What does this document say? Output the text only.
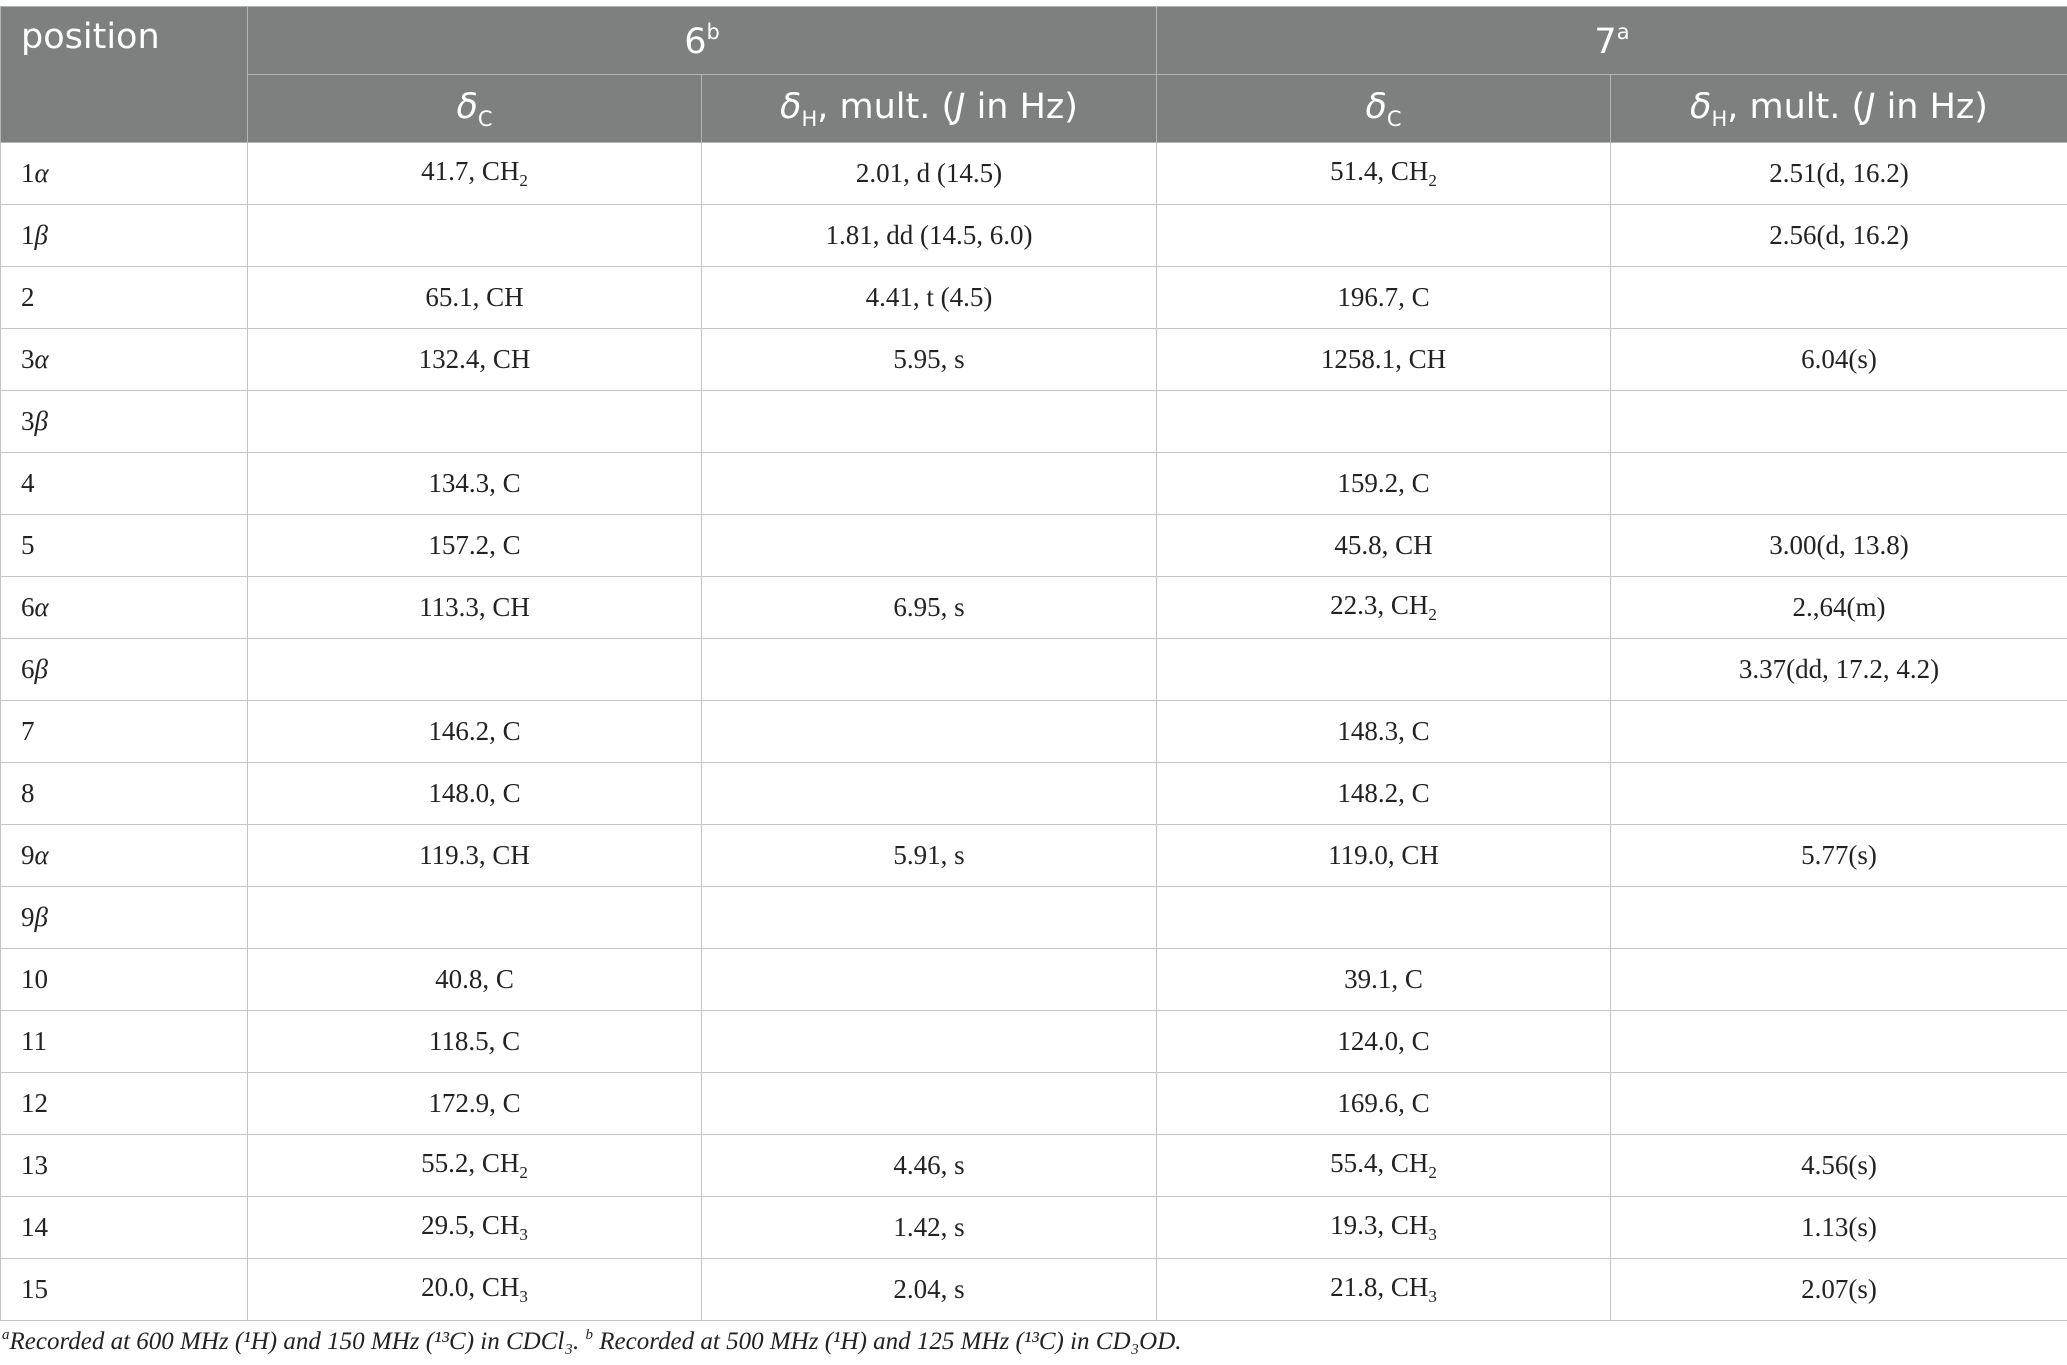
position	6$^b$		7$^a$
	$\delta_C$	$\delta_H$, mult. (J in Hz)	$\delta_C$	$\delta_H$, mult. (J in Hz)
1α	41.7, $CH_2$	2.01, d (14.5)	51.4, $CH_2$	2.51(d, 16.2)
1β		1.81, dd (14.5, 6.0)		2.56(d, 16.2)
2	65.1, CH	4.41, t (4.5)	196.7, C	
3α	132.4, CH	5.95, s	1258.1, CH	6.04(s)
3β				
4	134.3, C		159.2, C	
5	157.2, C		45.8, CH	3.00(d, 13.8)
6α	113.3, CH	6.95, s	22.3, $CH_2$	2.,64(m)
6β				3.37(dd, 17.2, 4.2)
7	146.2, C		148.3, C	
8	148.0, C		148.2, C	
9α	119.3, CH	5.91, s	119.0, CH	5.77(s)
9β				
10	40.8, C		39.1, C	
11	118.5, C		124.0, C	
12	172.9, C		169.6, C	
13	55.2, $CH_2$	4.46, s	55.4, $CH_2$	4.56(s)
14	29.5, $CH_3$	1.42, s	19.3, $CH_3$	1.13(s)
15	20.0, $CH_3$	2.04, s	21.8, $CH_3$	2.07(s)
$^a$Recorded at 600 MHz (¹H) and 150 MHz (¹³C) in CDCl₃. $^b$ Recorded at 500 MHz (¹H) and 125 MHz (¹³C) in CD₃OD.
